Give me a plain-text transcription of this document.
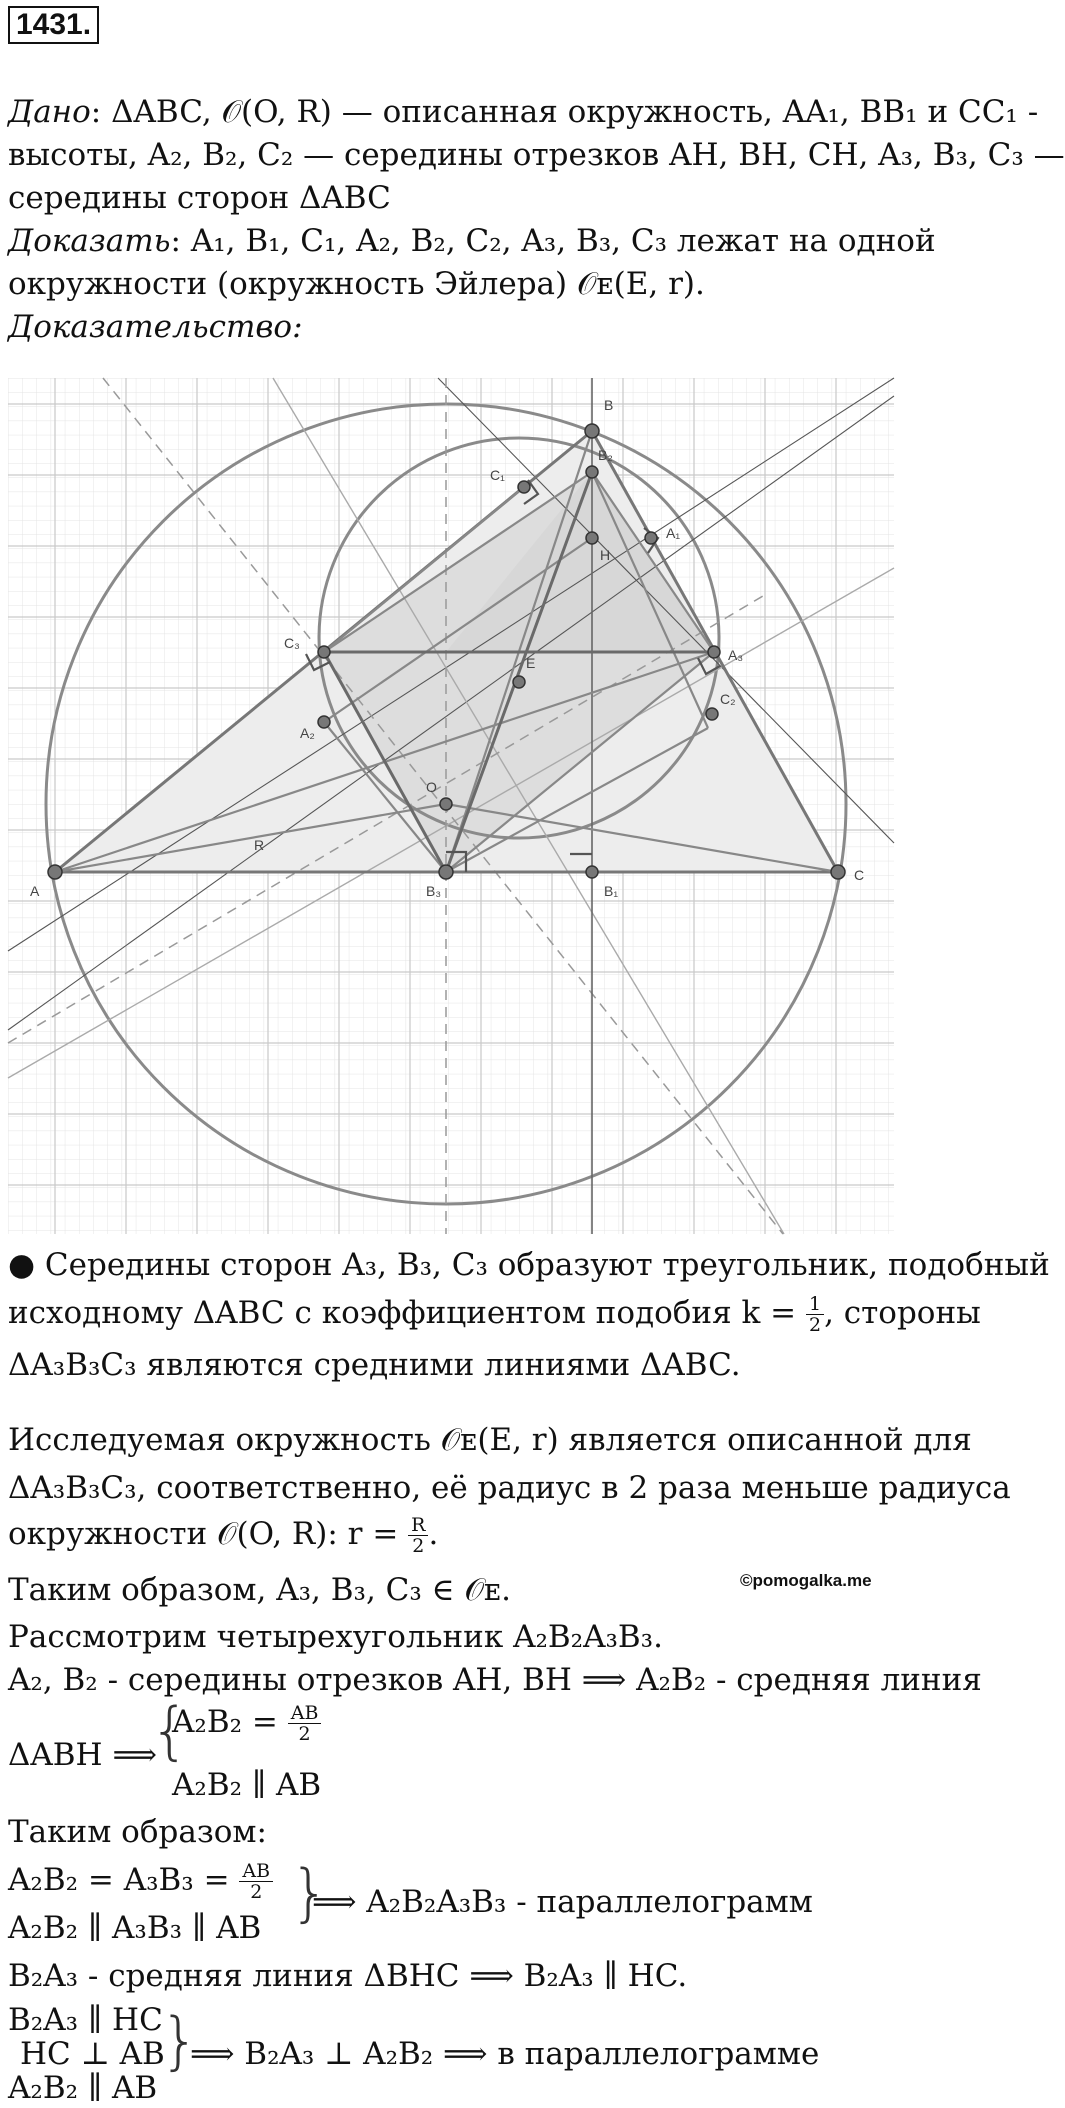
1431.
Дано: ΔABC, 𝒪(O, R) — описанная окружность, AA₁, BB₁ и CC₁ -
высоты, A₂, B₂, C₂ — середины отрезков AH, BH, CH, A₃, B₃, C₃ —
середины сторон ΔABC
Доказать: A₁, B₁, C₁, A₂, B₂, C₂, A₃, B₃, C₃ лежат на одной
окружности (окружность Эйлера) 𝒪ᴇ(E, r).
Доказательство:
A
B
C
C₁
B₂
A₁
H
C₃
A₃
E
C₂
A₂
O
R
B₃	B₁
● Середины сторон A₃, B₃, C₃ образуют треугольник, подобный
исходному ΔABC с коэффициентом подобия $k = \frac{1}{2}$ , стороны
ΔA₃B₃C₃ являются средними линиями ΔABC.
Исследуемая окружность 𝒪ᴇ(E, r) является описанной для
ΔA₃B₃C₃, соответственно, её радиус в 2 раза меньше радиуса
окружности 𝒪(O, R): $r = \frac{R}{2}$ .
Таким образом, A₃, B₃, C₃ ∈ 𝒪ᴇ.	©pomogalka.me
Рассмотрим четырехугольник A₂B₂A₃B₃.
A₂, B₂ - середины отрезков AH, BH ⟹ A₂B₂ - средняя линия
ΔABH ⟹
{
$A_2B_2 = \frac{AB}{2}$
A₂B₂ ∥ AB
Таким образом:
$A_2B_2 = A_3B_3 = \frac{AB}{2}$
A₂B₂ ∥ A₃B₃ ∥ AB }
⟹ A₂B₂A₃B₃ - параллелограмм
B₂A₃ - средняя линия ΔBHC ⟹ B₂A₃ ∥ HC.
B₂A₃ ∥ HC
HC ⊥ AB
}
⟹ B₂A₃ ⊥ A₂B₂ ⟹ в параллелограмме
A₂B₂ ∥ AB
